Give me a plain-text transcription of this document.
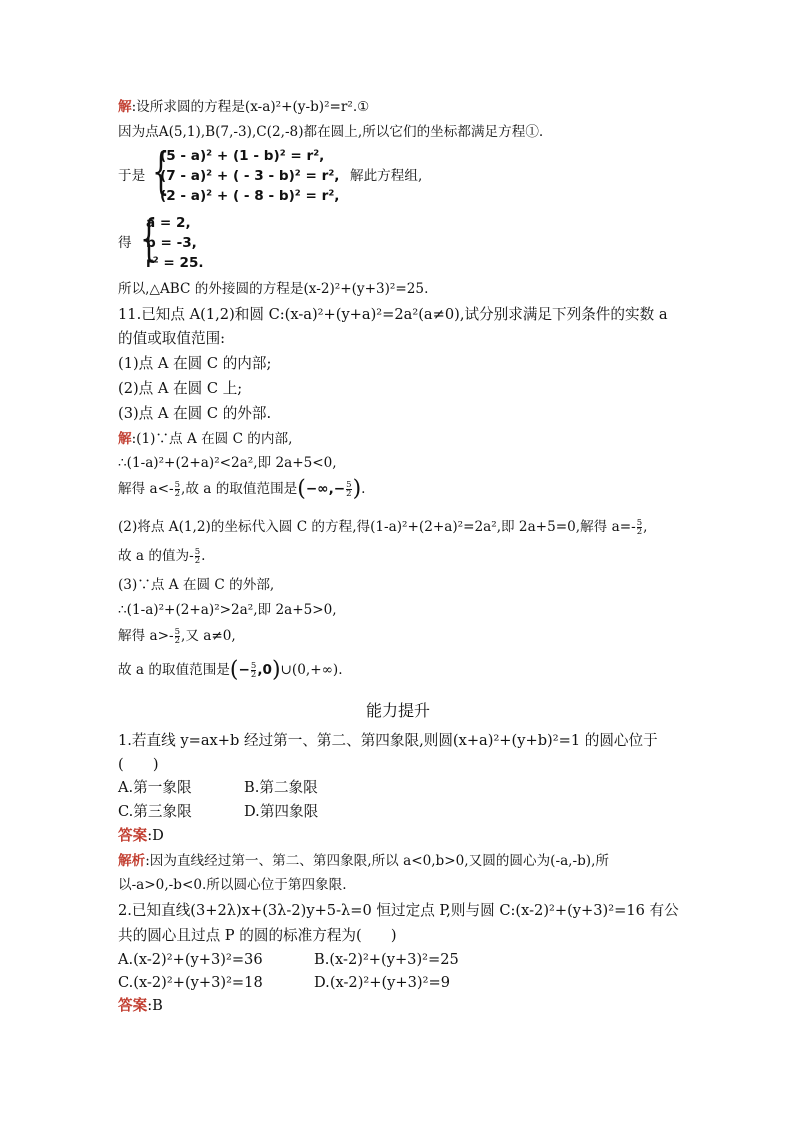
解:设所求圆的方程是(x-a)²+(y-b)²=r².①
因为点A(5,1),B(7,-3),C(2,-8)都在圆上,所以它们的坐标都满足方程①.
于是 {
(5 - a)² + (1 - b)² = r²,
(7 - a)² + ( - 3 - b)² = r²,
(2 - a)² + ( - 8 - b)² = r²,
解此方程组,
得 {
a = 2,
b = -3,
r² = 25.
所以,△ABC 的外接圆的方程是(x-2)²+(y+3)²=25.
11.已知点 A(1,2)和圆 C:(x-a)²+(y+a)²=2a²(a≠0),试分别求满足下列条件的实数 a
的值或取值范围:
(1)点 A 在圆 C 的内部;
(2)点 A 在圆 C 上;
(3)点 A 在圆 C 的外部.
解:(1)∵点 A 在圆 C 的内部,
∴(1-a)²+(2+a)²<2a²,即 2a+5<0,
解得 $a<- \frac{5}{2}$ ,故 a 的取值范围是(−∞,− $\frac{5}{2}$ ).
(2)将点 A(1,2)的坐标代入圆 C 的方程,得(1-a)²+(2+a)²=2a²,即 2a+5=0,解得 $a=- \frac{5}{2}$ ,
故 a 的值为- $\frac{5}{2}$ .
(3)∵点 A 在圆 C 的外部,
∴(1-a)²+(2+a)²>2a²,即 2a+5>0,
解得 $a>- \frac{5}{2}$ ,又 a≠0,
故 a 的取值范围是(− $\frac{5}{2}$ ,0)∪(0,+∞).
能力提升
1.若直线 y=ax+b 经过第一、第二、第四象限,则圆(x+a)²+(y+b)²=1 的圆心位于
(　　)
A.第一象限	B.第二象限
C.第三象限	D.第四象限
答案:D
解析:因为直线经过第一、第二、第四象限,所以 a<0,b>0,又圆的圆心为(-a,-b),所
以-a>0,-b<0.所以圆心位于第四象限.
2.已知直线(3+2λ)x+(3λ-2)y+5-λ=0 恒过定点 P,则与圆 C:(x-2)²+(y+3)²=16 有公
共的圆心且过点 P 的圆的标准方程为(　　)
A.(x-2)²+(y+3)²=36	B.(x-2)²+(y+3)²=25
C.(x-2)²+(y+3)²=18	D.(x-2)²+(y+3)²=9
答案:B
